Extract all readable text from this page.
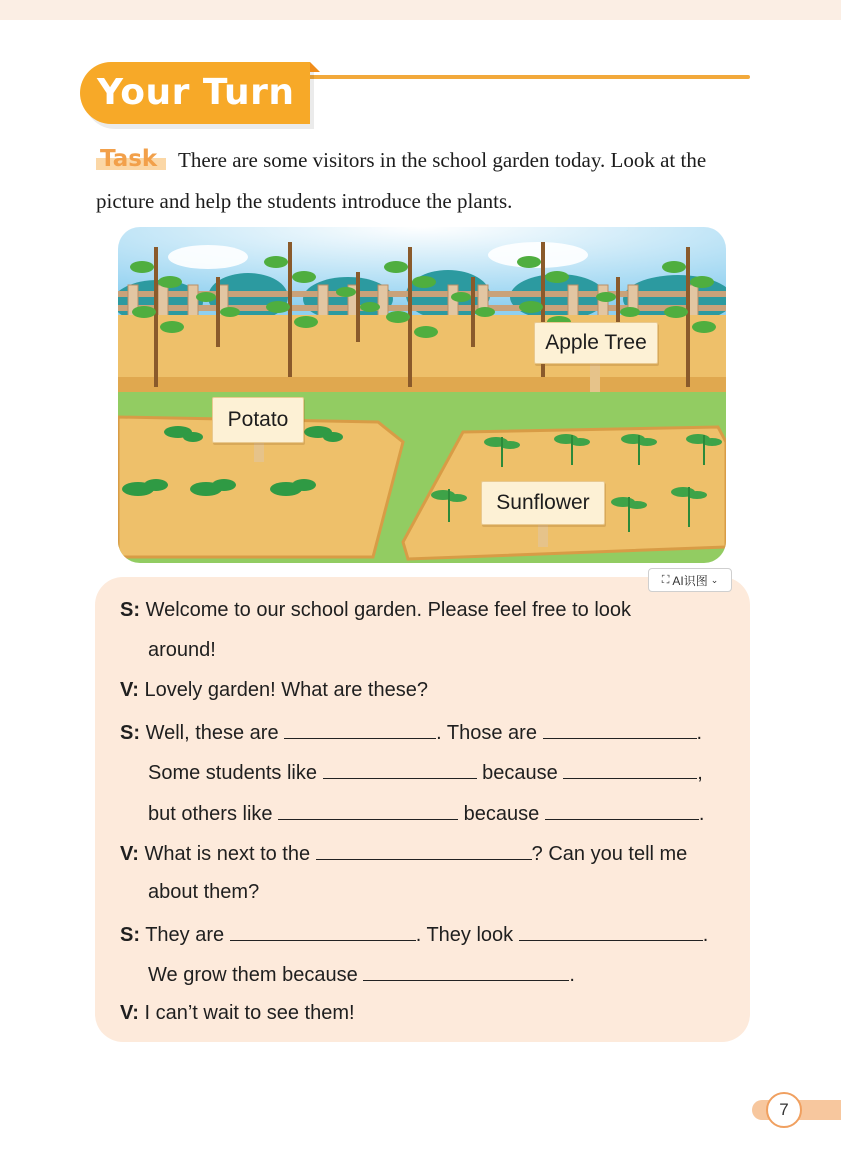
Your Turn
Task There are some visitors in the school garden today. Look at the
picture and help the students introduce the plants.
Apple Tree
Potato
Sunflower
⛶ AI识图 ⌄
S: Welcome to our school garden. Please feel free to look
around!
V: Lovely garden! What are these?
S: Well, these are	. Those are	.
Some students like	because	,
but others like	because	.
V: What is next to the	? Can you tell me
about them?
S: They are	. They look	.
We grow them because	.
V: I can’t wait to see them!
7
